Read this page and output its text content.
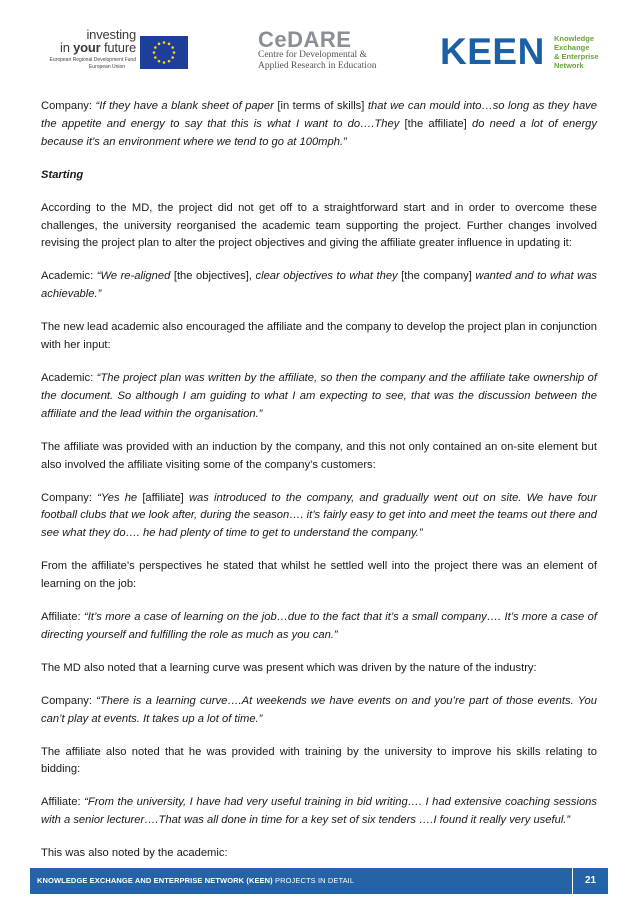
investing
in your future
European Regional Development Fund
European Union
CeDARE
Centre for Developmental &
Applied Research in Education	KEEN Knowledge
Exchange
& Enterprise
Network

Company: “If they have a blank sheet of paper [in terms of skills] that we can mould into…so long as they have the appetite and energy to say that this is what I want to do….They [the affiliate] do need a lot of energy because it’s an environment where we tend to go at 100mph.”

Starting

According to the MD, the project did not get off to a straightforward start and in order to overcome these challenges, the university reorganised the academic team supporting the project. Further changes involved revising the project plan to alter the project objectives and giving the affiliate greater influence in updating it:

Academic: “We re-aligned [the objectives], clear objectives to what they [the company] wanted and to what was achievable.”

The new lead academic also encouraged the affiliate and the company to develop the project plan in conjunction with her input:

Academic: “The project plan was written by the affiliate, so then the company and the affiliate take ownership of the document. So although I am guiding to what I am expecting to see, that was the discussion between the affiliate and the lead within the organisation.”

The affiliate was provided with an induction by the company, and this not only contained an on-site element but also involved the affiliate visiting some of the company’s customers:

Company: “Yes he [affiliate] was introduced to the company, and gradually went out on site. We have four football clubs that we look after, during the season…. it’s fairly easy to get into and meet the teams out there and see what they do…. he had plenty of time to get to understand the company.”

From the affiliate’s perspectives he stated that whilst he settled well into the project there was an element of learning on the job:

Affiliate: “It’s more a case of learning on the job…due to the fact that it’s a small company…. It’s more a case of directing yourself and fulfilling the role as much as you can.”

The MD also noted that a learning curve was present which was driven by the nature of the industry:

Company: “There is a learning curve….At weekends we have events on and you’re part of those events. You can’t play at events. It takes up a lot of time.”

The affiliate also noted that he was provided with training by the university to improve his skills relating to bidding:

Affiliate: “From the university, I have had very useful training in bid writing…. I had extensive coaching sessions with a senior lecturer….That was all done in time for a key set of six tenders ….I found it really very useful.”

This was also noted by the academic:

KNOWLEDGE EXCHANGE AND ENTERPRISE NETWORK (KEEN) PROJECTS IN DETAIL	21
